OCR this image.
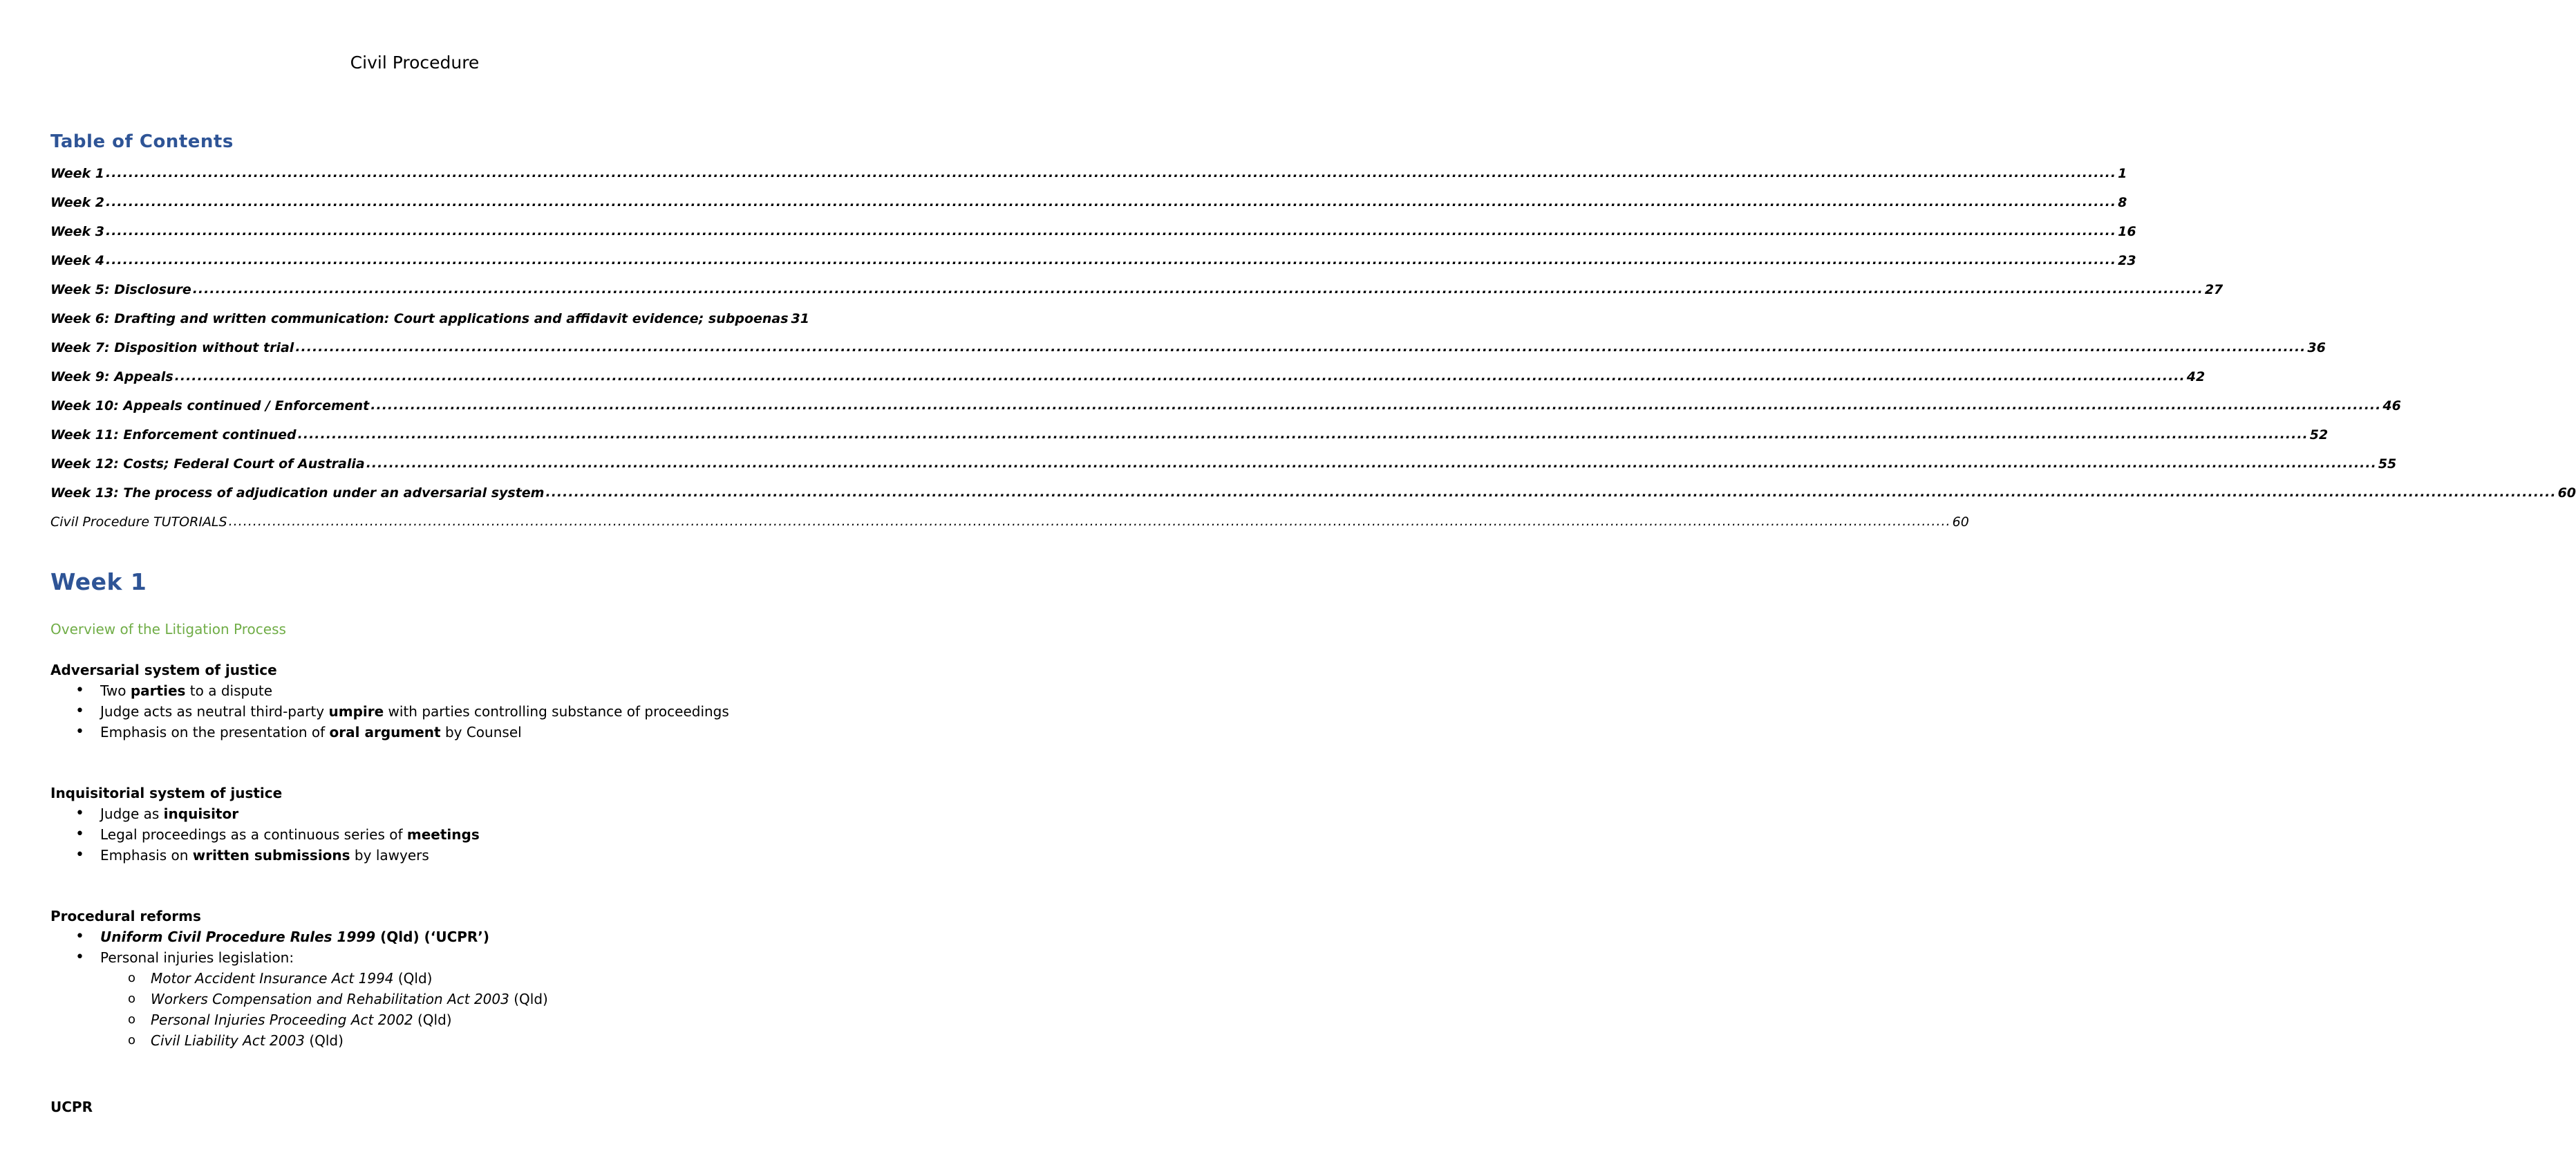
Civil Procedure
Table of Contents
Week 1 .....	1
Week 2 .....	8
Week 3 .....	16
Week 4 .....	23
Week 5: Disclosure .....	27
Week 6: Drafting and written communication: Court applications and affidavit evidence; subpoenas 31
Week 7: Disposition without trial .....	36
Week 9: Appeals .....	42
Week 10: Appeals continued / Enforcement .....	46
Week 11: Enforcement continued .....	52
Week 12: Costs; Federal Court of Australia .....	55
Week 13: The process of adjudication under an adversarial system .....	60
Civil Procedure TUTORIALS .....	60
Week 1
Overview of the Litigation Process
Adversarial system of justice
• Two parties to a dispute
• Judge acts as neutral third-party umpire with parties controlling substance of proceedings
• Emphasis on the presentation of oral argument by Counsel
Inquisitorial system of justice
• Judge as inquisitor
• Legal proceedings as a continuous series of meetings
• Emphasis on written submissions by lawyers
Procedural reforms
• Uniform Civil Procedure Rules 1999 (Qld) (‘UCPR’)
• Personal injuries legislation:
o Motor Accident Insurance Act 1994 (Qld)
o Workers Compensation and Rehabilitation Act 2003 (Qld)
o Personal Injuries Proceeding Act 2002 (Qld)
o Civil Liability Act 2003 (Qld)
UCPR
